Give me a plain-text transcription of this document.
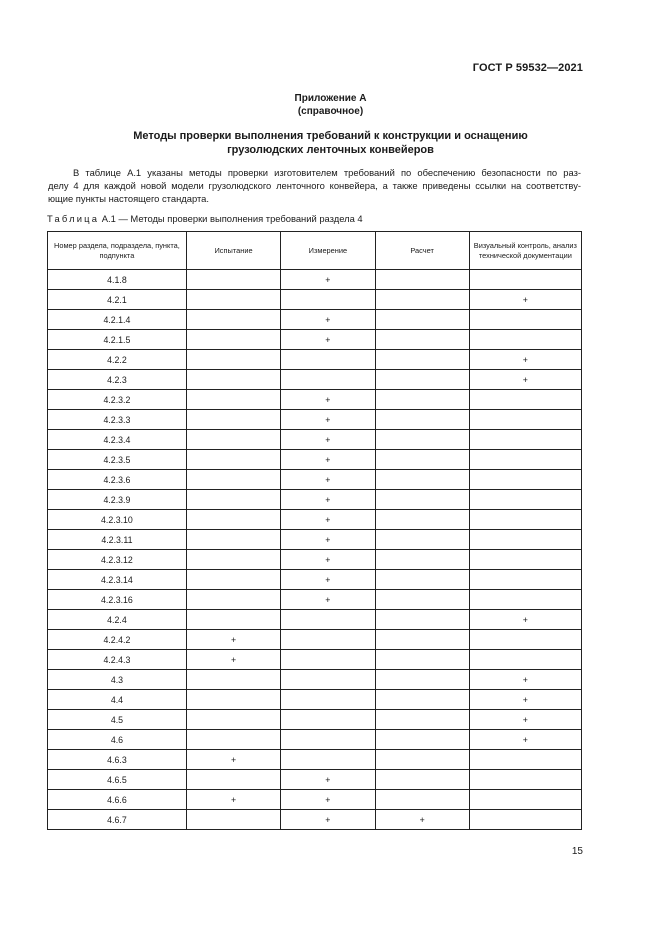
ГОСТ Р 59532—2021
Приложение А
(справочное)
Методы проверки выполнения требований к конструкции и оснащению
грузолюдских ленточных конвейеров
В таблице А.1 указаны методы проверки изготовителем требований по обеспечению безопасности по раз-
делу 4 для каждой новой модели грузолюдского ленточного конвейера, а также приведены ссылки на соответству-
ющие пункты настоящего стандарта.
Таблица А.1 — Методы проверки выполнения требований раздела 4
Номер раздела, подраздела, пункта, подпункта	Испытание	Измерение	Расчет	Визуальный контроль, анализ технической документации
4.1.8		+		
4.2.1				+
4.2.1.4		+		
4.2.1.5		+		
4.2.2				+
4.2.3				+
4.2.3.2		+		
4.2.3.3		+		
4.2.3.4		+		
4.2.3.5		+		
4.2.3.6		+		
4.2.3.9		+		
4.2.3.10		+		
4.2.3.11		+		
4.2.3.12		+		
4.2.3.14		+		
4.2.3.16		+		
4.2.4				+
4.2.4.2	+			
4.2.4.3	+			
4.3				+
4.4				+
4.5				+
4.6				+
4.6.3	+			
4.6.5		+		
4.6.6	+	+		
4.6.7		+	+	
15
